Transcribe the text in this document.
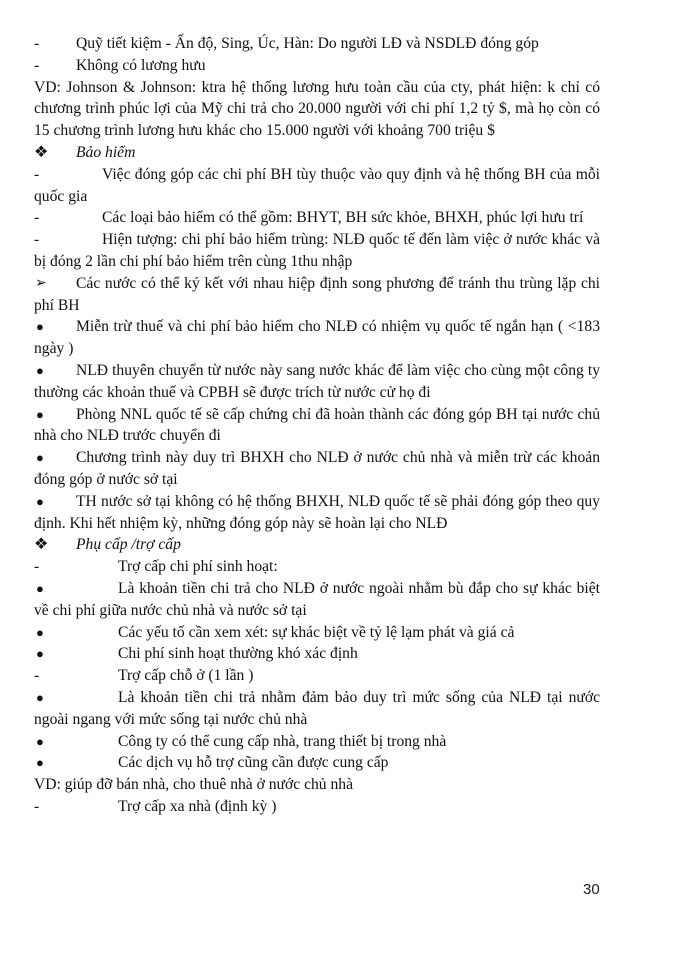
-	Quỹ tiết kiệm - Ấn độ, Sing, Úc, Hàn: Do người LĐ và NSDLĐ đóng góp
-	Không có lương hưu
VD: Johnson & Johnson: ktra hệ thống lương hưu toàn cầu của cty, phát hiện: k chỉ có chương trình phúc lợi của Mỹ chi trả cho 20.000 người với chi phí 1,2 tỷ $, mà họ còn có 15 chương trình lương hưu khác cho 15.000 người với khoảng 700 triệu $
❖	Bảo hiểm
-	Việc đóng góp các chi phí BH tùy thuộc vào quy định và hệ thống BH của mỗi quốc gia
-	Các loại bảo hiểm có thể gồm: BHYT, BH sức khỏe, BHXH, phúc lợi hưu trí
-	Hiện tượng: chi phí bảo hiểm trùng: NLĐ quốc tế đến làm việc ở nước khác và bị đóng 2 lần chi phí bảo hiểm trên cùng 1thu nhập
➢	Các nước có thể ký kết với nhau hiệp định song phương để tránh thu trùng lặp chi phí BH
●	Miễn trừ thuế và chi phí bảo hiểm cho NLĐ có nhiệm vụ quốc tế ngắn hạn ( <183 ngày )
●	NLĐ thuyên chuyển từ nước này sang nước khác để làm việc cho cùng một công ty thường các khoản thuế và CPBH sẽ được trích từ nước cử họ đi
●	Phòng NNL quốc tế sẽ cấp chứng chỉ đã hoàn thành các đóng góp BH tại nước chủ nhà cho NLĐ trước chuyển đi
●	Chương trình này duy trì BHXH cho NLĐ ở nước chủ nhà và miễn trừ các khoản đóng góp ở nước sở tại
●	TH nước sở tại không có hệ thống BHXH, NLĐ quốc tế sẽ phải đóng góp theo quy định. Khi hết nhiệm kỳ, những đóng góp này sẽ hoàn lại cho NLĐ
❖	Phụ cấp /trợ cấp
-	Trợ cấp chi phí sinh hoạt:
●	Là khoản tiền chi trả cho NLĐ ở nước ngoài nhằm bù đắp cho sự khác biệt về chi phí giữa nước chủ nhà và nước sở tại
●	Các yếu tố cần xem xét: sự khác biệt về tỷ lệ lạm phát và giá cả
●	Chi phí sinh hoạt thường khó xác định
-	Trợ cấp chỗ ở (1 lần )
●	Là khoản tiền chi trả nhằm đảm bảo duy trì mức sống của NLĐ tại nước ngoài ngang với mức sống tại nước chủ nhà
●	Công ty có thể cung cấp nhà, trang thiết bị trong nhà
●	Các dịch vụ hỗ trợ cũng cần được cung cấp
VD: giúp đỡ bán nhà, cho thuê nhà ở nước chủ nhà
-	Trợ cấp xa nhà (định kỳ )
30
